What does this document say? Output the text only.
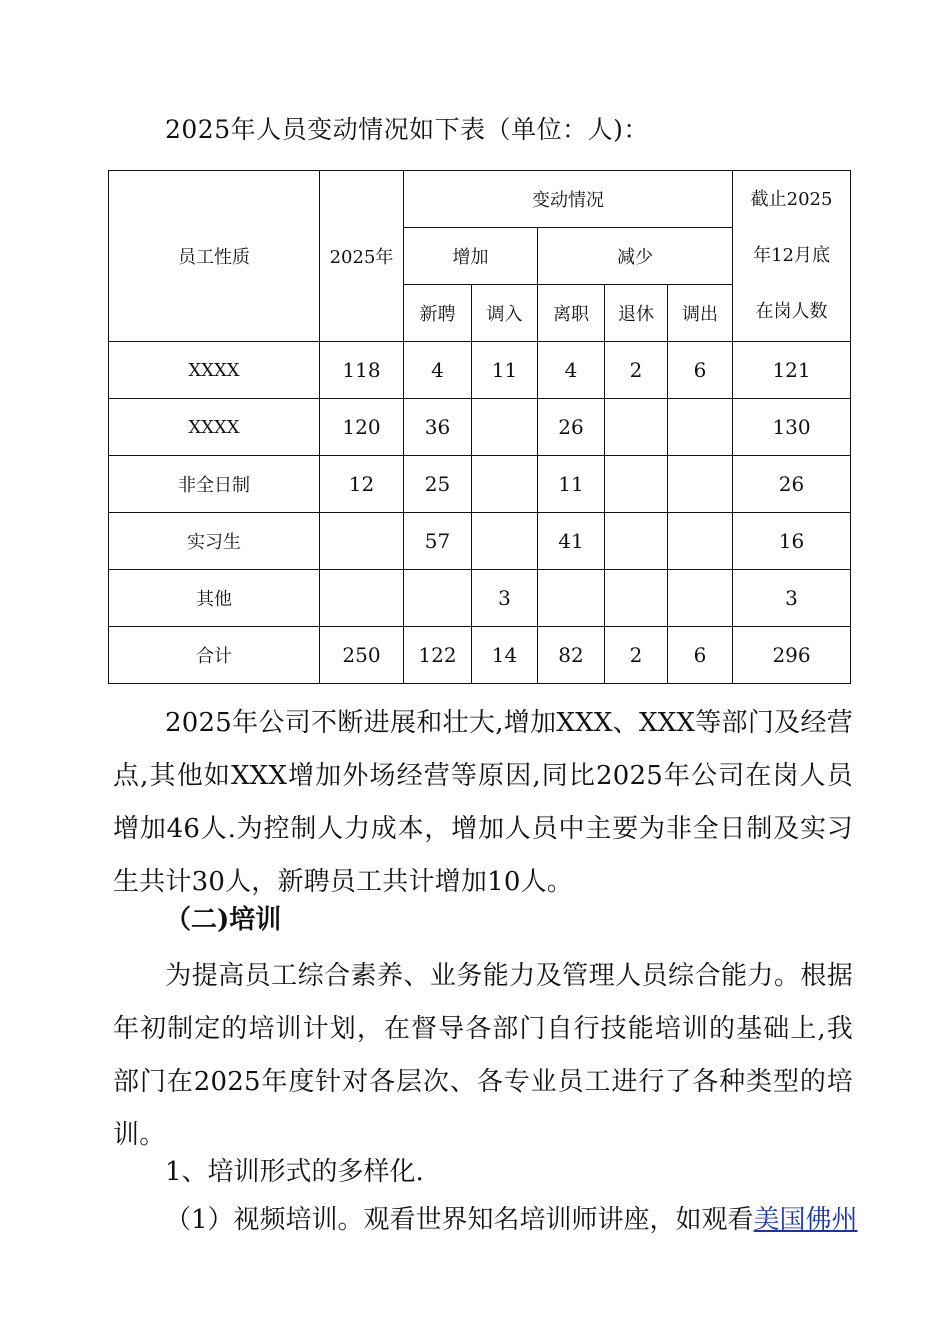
2025年人员变动情况如下表（单位：人)：
员工性质	2025年	变动情况					截止2025
年12月底
在岗人数

		增加		减少			
		新聘	调入	离职	退休	调出	
XXXX	118	4	11	4	2	6	121
XXXX	120	36		26			130
非全日制	12	25		11			26
实习生		57		41			16
其他			3				3
合计	250	122	14	82	2	6	296
2025年公司不断进展和壮大,增加XXX、XXX等部门及经营点,其他如XXX增加外场经营等原因,同比2025年公司在岗人员增加46人.为控制人力成本，增加人员中主要为非全日制及实习生共计30人，新聘员工共计增加10人。
（二)培训
为提高员工综合素养、业务能力及管理人员综合能力。根据年初制定的培训计划，在督导各部门自行技能培训的基础上,我部门在2025年度针对各层次、各专业员工进行了各种类型的培训。
1、培训形式的多样化.
（1）视频培训。观看世界知名培训师讲座，如观看美国佛州
